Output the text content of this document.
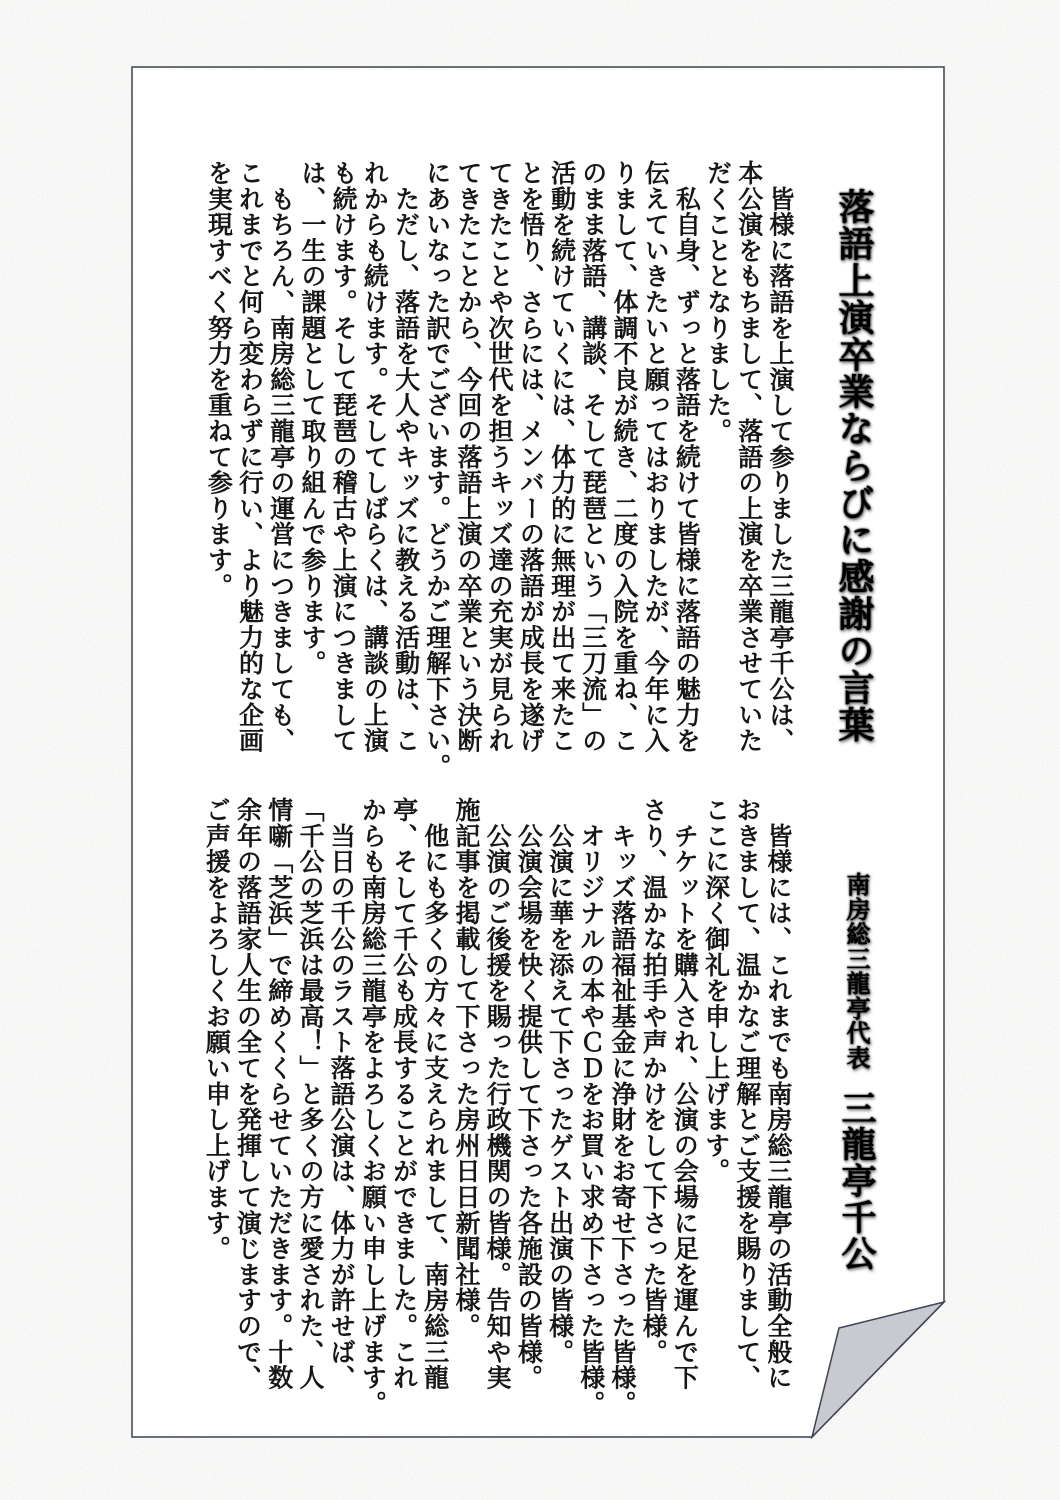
落語上演卒業ならびに感謝の言葉

　皆様に落語を上演して参りました三龍亭千公は、

本公演をもちまして、落語の上演を卒業させていた

だくこととなりました。

　私自身、ずっと落語を続けて皆様に落語の魅力を

伝えていきたいと願ってはおりましたが、今年に入

りまして、体調不良が続き、二度の入院を重ね、こ

のまま落語、講談、そして琵琶という「三刀流」の

活動を続けていくには、体力的に無理が出て来たこ

とを悟り、さらには、メンバーの落語が成長を遂げ

てきたことや次世代を担うキッズ達の充実が見られ

てきたことから、今回の落語上演の卒業という決断

にあいなった訳でございます。どうかご理解下さい。

　ただし、落語を大人やキッズに教える活動は、こ

れからも続けます。そしてしばらくは、講談の上演

も続けます。そして琵琶の稽古や上演につきまして

は、一生の課題として取り組んで参ります。

　もちろん、南房総三龍亭の運営につきましても、

これまでと何ら変わらずに行い、より魅力的な企画

を実現すべく努力を重ねて参ります。

南房総三龍亭代表三龍亭千公

　皆様には、これまでも南房総三龍亭の活動全般に

おきまして、温かなご理解とご支援を賜りまして、

ここに深く御礼を申し上げます。

　チケットを購入され、公演の会場に足を運んで下

さり、温かな拍手や声かけをして下さった皆様。

　キッズ落語福祉基金に浄財をお寄せ下さった皆様。

　オリジナルの本やＣＤをお買い求め下さった皆様。

　公演に華を添えて下さったゲスト出演の皆様。

　公演会場を快く提供して下さった各施設の皆様。

　公演のご後援を賜った行政機関の皆様。告知や実

施記事を掲載して下さった房州日日新聞社様。

　他にも多くの方々に支えられまして、南房総三龍

亭、そして千公も成長することができました。これ

からも南房総三龍亭をよろしくお願い申し上げます。

　当日の千公のラスト落語公演は、体力が許せば、

「千公の芝浜は最高！」と多くの方に愛された、人

情噺「芝浜」で締めくくらせていただきます。十数

余年の落語家人生の全てを発揮して演じますので、

ご声援をよろしくお願い申し上げます。
